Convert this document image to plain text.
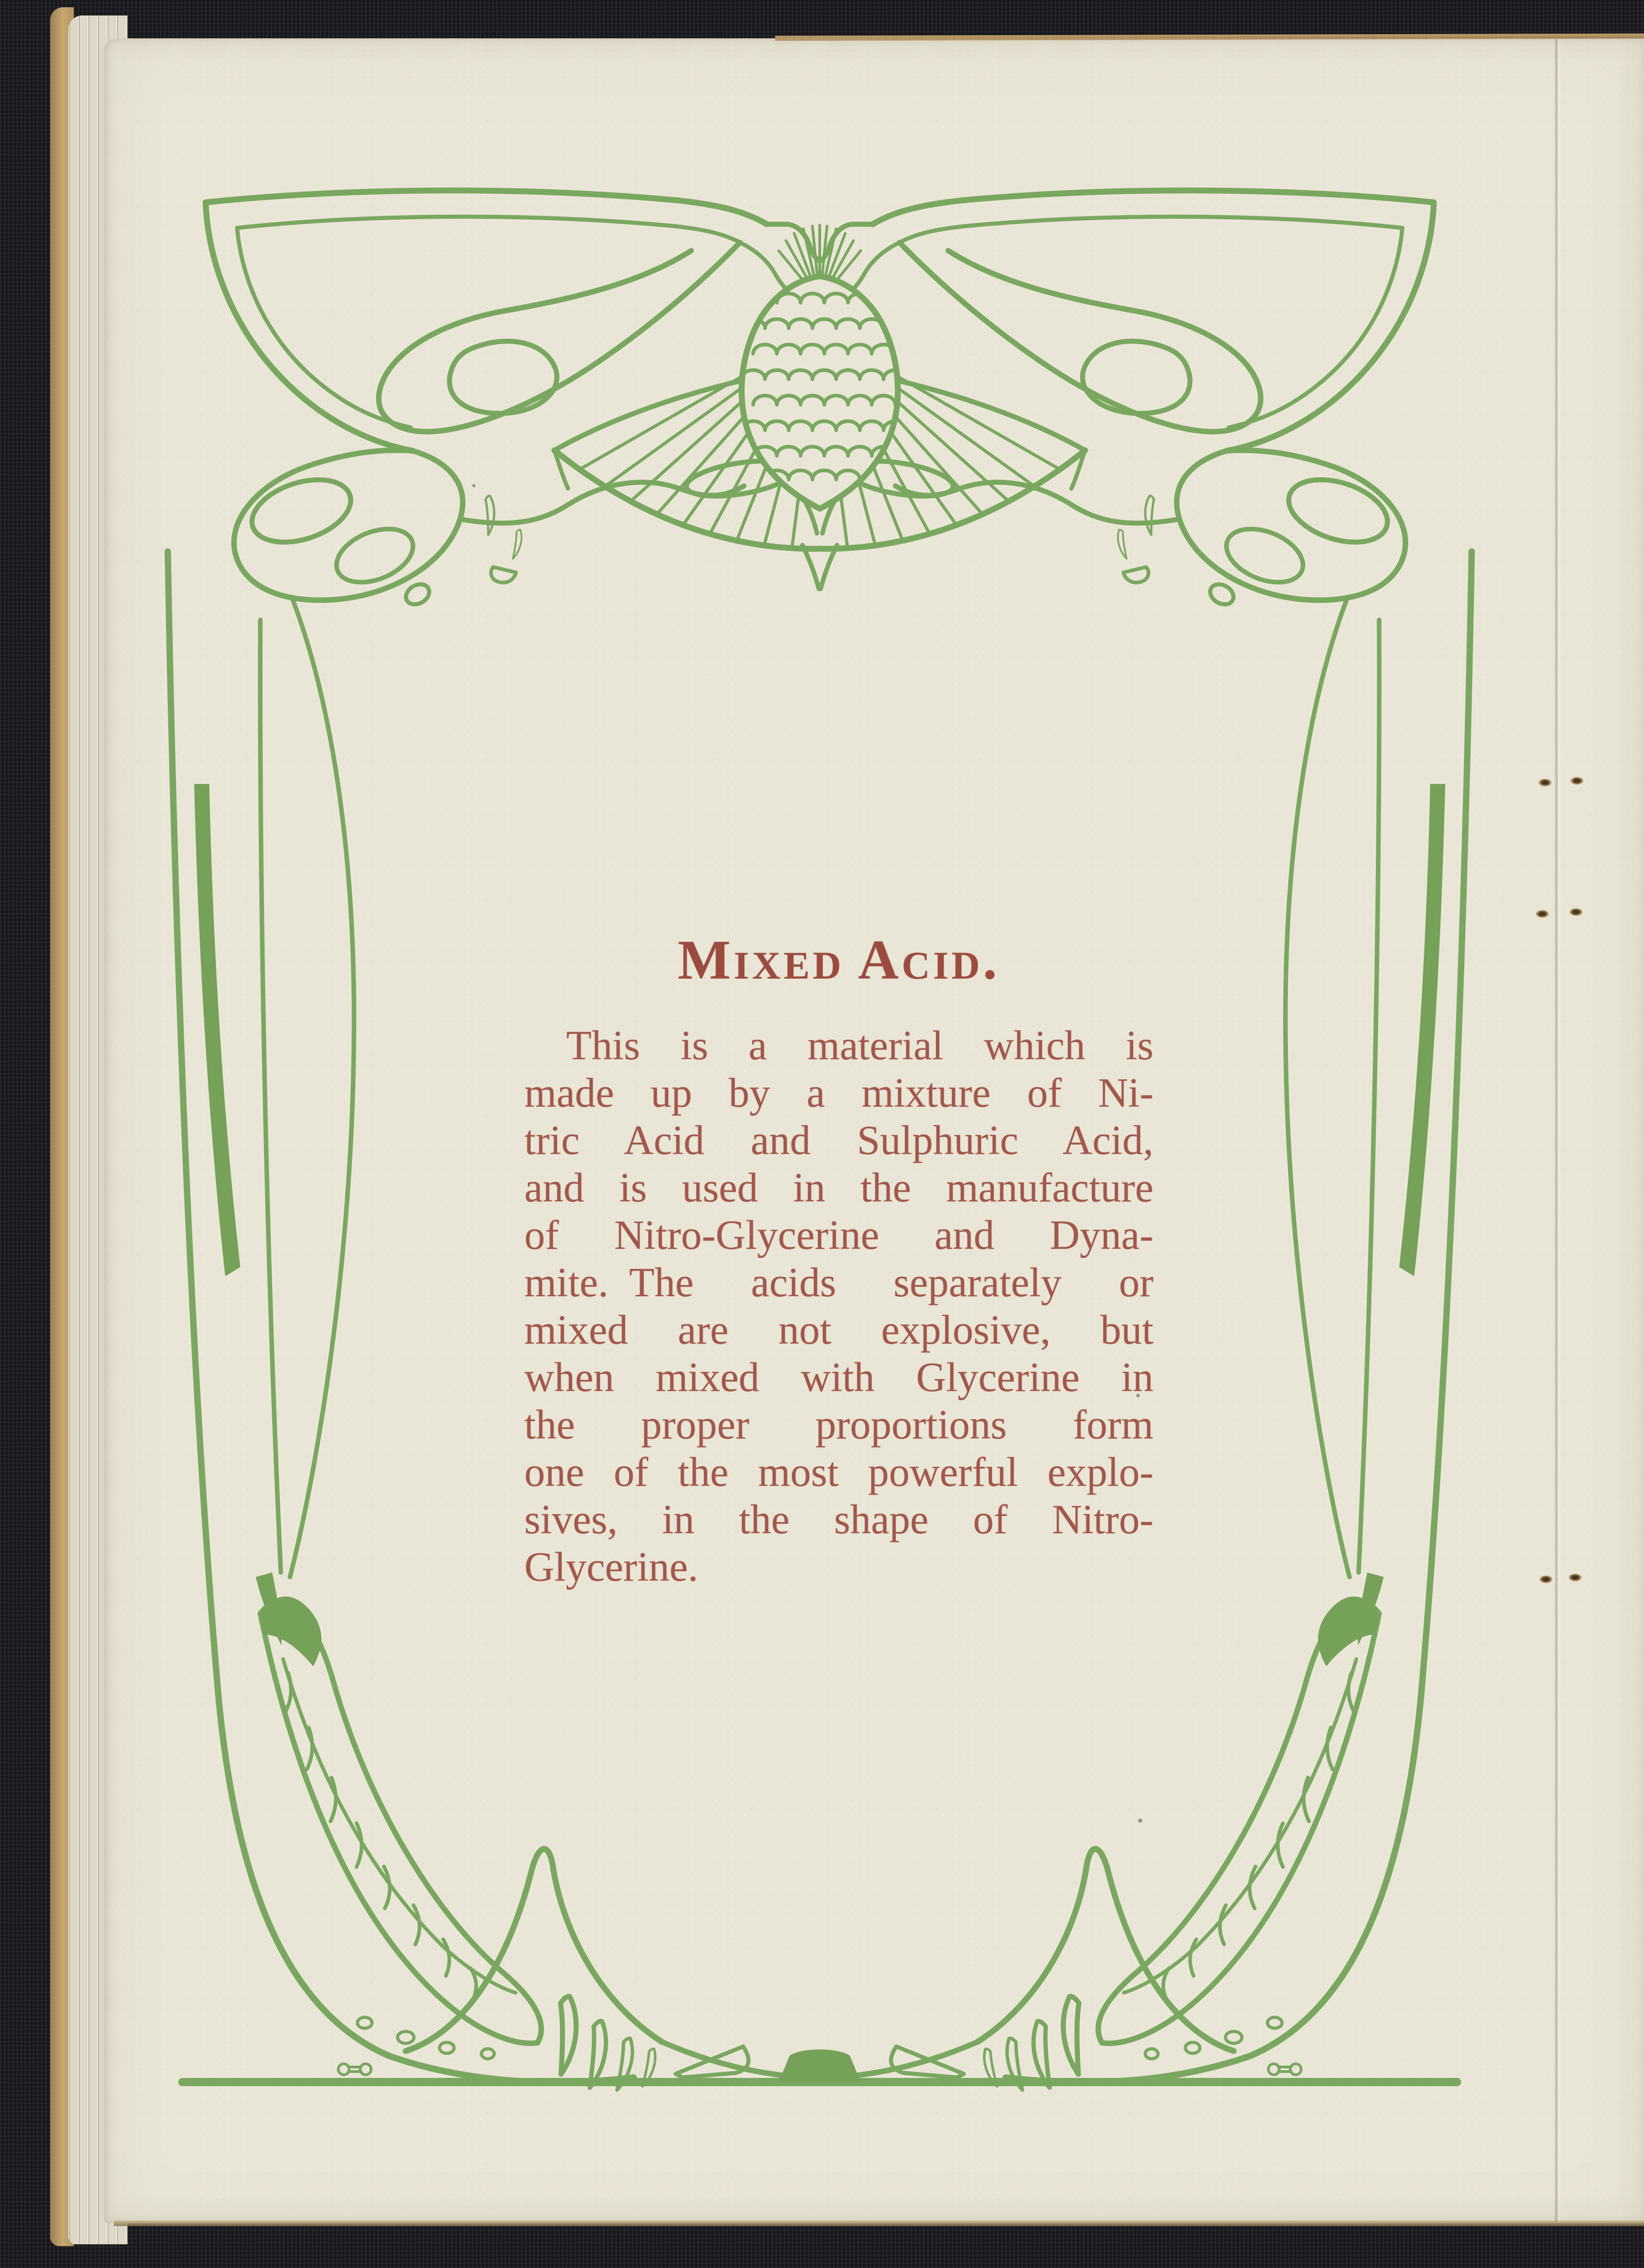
Mixed Acid.
This is a material which is
made up by a mixture of Ni-
tric Acid and Sulphuric Acid,
and is used in the manufacture
of Nitro-Glycerine and Dyna-
mite. The acids separately or
mixed are not explosive, but
when mixed with Glycerine in
the proper proportions form
one of the most powerful explo-
sives, in the shape of Nitro-
Glycerine.
